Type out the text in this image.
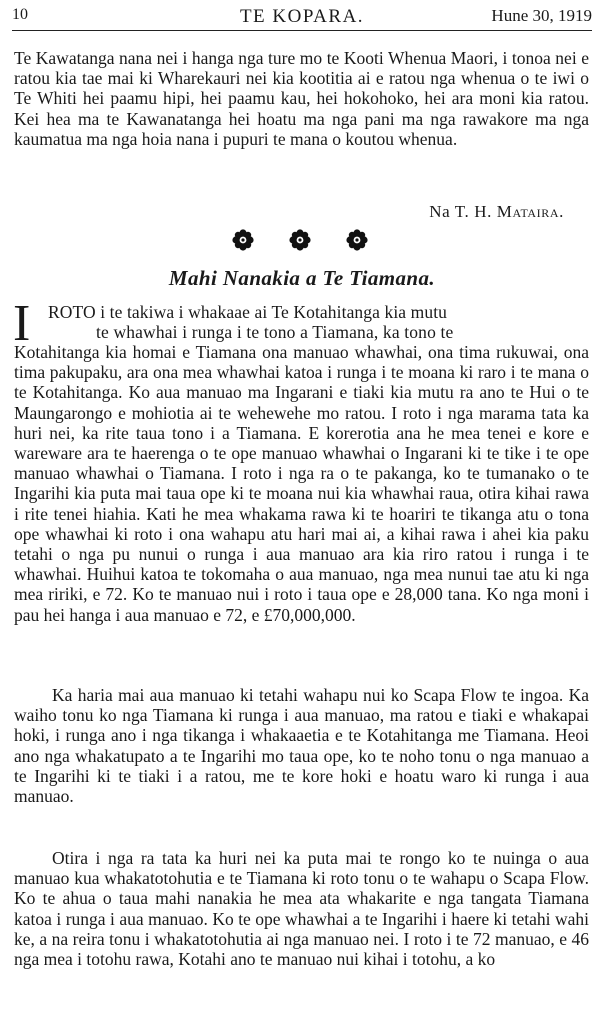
10	TE KOPARA.	Hune 30, 1919

Te Kawatanga nana nei i hanga nga ture mo te Kooti Whenua Maori, i tonoa nei e ratou kia tae mai ki Wharekauri nei kia kootitia ai e ratou nga whenua o te iwi o Te Whiti hei paamu hipi, hei paamu kau, hei hokohoko, hei ara moni kia ratou. Kei hea ma te Kawanatanga hei hoatu ma nga pani ma nga rawakore ma nga kaumatua ma nga hoia nana i pupuri te mana o koutou whenua.

Na T. H. Mataira.
Mahi Nanakia a Te Tiamana.
I ROTO i te takiwa i whakaae ai Te Kotahitanga kia mutu

te whawhai i runga i te tono a Tiamana, ka tono te

Kotahitanga kia homai e Tiamana ona manuao whawhai, ona tima rukuwai, ona tima pakupaku, ara ona mea whawhai katoa i runga i te moana ki raro i te mana o te Kotahitanga. Ko aua manuao ma Ingarani e tiaki kia mutu ra ano te Hui o te Maungarongo e mohiotia ai te wehewehe mo ratou. I roto i nga marama tata ka huri nei, ka rite taua tono i a Tiamana. E korerotia ana he mea tenei e kore e wareware ara te haerenga o te ope manuao whawhai o Ingarani ki te tike i te ope manuao whawhai o Tiamana. I roto i nga ra o te pakanga, ko te tumanako o te Ingarihi kia puta mai taua ope ki te moana nui kia whawhai raua, otira kihai rawa i rite tenei hiahia. Kati he mea whakama rawa ki te hoariri te tikanga atu o tona ope whawhai ki roto i ona wahapu atu hari mai ai, a kihai rawa i ahei kia paku tetahi o nga pu nunui o runga i aua manuao ara kia riro ratou i runga i te whawhai. Huihui katoa te tokomaha o aua manuao, nga mea nunui tae atu ki nga mea ririki, e 72. Ko te manuao nui i roto i taua ope e 28,000 tana. Ko nga moni i pau hei hanga i aua manuao e 72, e £70,000,000.

Ka haria mai aua manuao ki tetahi wahapu nui ko Scapa Flow te ingoa. Ka waiho tonu ko nga Tiamana ki runga i aua manuao, ma ratou e tiaki e whakapai hoki, i runga ano i nga tikanga i whakaaetia e te Kotahitanga me Tiamana. Heoi ano nga whakatupato a te Ingarihi mo taua ope, ko te noho tonu o nga manuao a te Ingarihi ki te tiaki i a ratou, me te kore hoki e hoatu waro ki runga i aua manuao.

Otira i nga ra tata ka huri nei ka puta mai te rongo ko te nuinga o aua manuao kua whakatotohutia e te Tiamana ki roto tonu o te wahapu o Scapa Flow. Ko te ahua o taua mahi nanakia he mea ata whakarite e nga tangata Tiamana katoa i runga i aua manuao. Ko te ope whawhai a te Ingarihi i haere ki tetahi wahi ke, a na reira tonu i whakatotohutia ai nga manuao nei. I roto i te 72 manuao, e 46 nga mea i totohu rawa, Kotahi ano te manuao nui kihai i totohu, a ko
